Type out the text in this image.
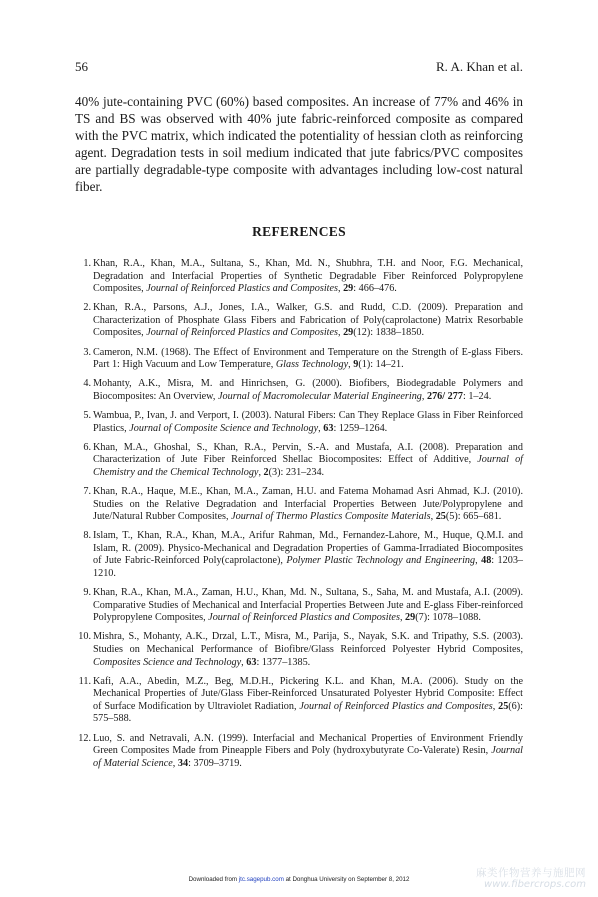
56	R. A. Khan et al.

40% jute-containing PVC (60%) based composites. An increase of 77% and 46% in TS and BS was observed with 40% jute fabric-reinforced composite as compared with the PVC matrix, which indicated the potentiality of hessian cloth as reinforcing agent. Degradation tests in soil medium indicated that jute fabrics/PVC composites are partially degradable-type composite with advantages including low-cost natural fiber.

REFERENCES
1. Khan, R.A., Khan, M.A., Sultana, S., Khan, Md. N., Shubhra, T.H. and Noor, F.G. Mechanical, Degradation and Interfacial Properties of Synthetic Degradable Fiber Reinforced Polypropylene Composites, Journal of Reinforced Plastics and Composites, 29: 466–476.
2. Khan, R.A., Parsons, A.J., Jones, I.A., Walker, G.S. and Rudd, C.D. (2009). Preparation and Characterization of Phosphate Glass Fibers and Fabrication of Poly(caprolactone) Matrix Resorbable Composites, Journal of Reinforced Plastics and Composites, 29(12): 1838–1850.
3. Cameron, N.M. (1968). The Effect of Environment and Temperature on the Strength of E-glass Fibers. Part 1: High Vacuum and Low Temperature, Glass Technology, 9(1): 14–21.
4. Mohanty, A.K., Misra, M. and Hinrichsen, G. (2000). Biofibers, Biodegradable Polymers and Biocomposites: An Overview, Journal of Macromolecular Material Engineering, 276/ 277: 1–24.
5. Wambua, P., Ivan, J. and Verport, I. (2003). Natural Fibers: Can They Replace Glass in Fiber Reinforced Plastics, Journal of Composite Science and Technology, 63: 1259–1264.
6. Khan, M.A., Ghoshal, S., Khan, R.A., Pervin, S.-A. and Mustafa, A.I. (2008). Preparation and Characterization of Jute Fiber Reinforced Shellac Biocomposites: Effect of Additive, Journal of Chemistry and the Chemical Technology, 2(3): 231–234.
7. Khan, R.A., Haque, M.E., Khan, M.A., Zaman, H.U. and Fatema Mohamad Asri Ahmad, K.J. (2010). Studies on the Relative Degradation and Interfacial Properties Between Jute/Polypropylene and Jute/Natural Rubber Composites, Journal of Thermo Plastics Composite Materials, 25(5): 665–681.
8. Islam, T., Khan, R.A., Khan, M.A., Arifur Rahman, Md., Fernandez-Lahore, M., Huque, Q.M.I. and Islam, R. (2009). Physico-Mechanical and Degradation Properties of Gamma-Irradiated Biocomposites of Jute Fabric-Reinforced Poly(caprolactone), Polymer Plastic Technology and Engineering, 48: 1203–1210.
9. Khan, R.A., Khan, M.A., Zaman, H.U., Khan, Md. N., Sultana, S., Saha, M. and Mustafa, A.I. (2009). Comparative Studies of Mechanical and Interfacial Properties Between Jute and E-glass Fiber-reinforced Polypropylene Composites, Journal of Reinforced Plastics and Composites, 29(7): 1078–1088.
10. Mishra, S., Mohanty, A.K., Drzal, L.T., Misra, M., Parija, S., Nayak, S.K. and Tripathy, S.S. (2003). Studies on Mechanical Performance of Biofibre/Glass Reinforced Polyester Hybrid Composites, Composites Science and Technology, 63: 1377–1385.
11. Kafi, A.A., Abedin, M.Z., Beg, M.D.H., Pickering K.L. and Khan, M.A. (2006). Study on the Mechanical Properties of Jute/Glass Fiber-Reinforced Unsaturated Polyester Hybrid Composite: Effect of Surface Modification by Ultraviolet Radiation, Journal of Reinforced Plastics and Composites, 25(6): 575–588.
12. Luo, S. and Netravali, A.N. (1999). Interfacial and Mechanical Properties of Environment Friendly Green Composites Made from Pineapple Fibers and Poly (hydroxybutyrate Co-Valerate) Resin, Journal of Material Science, 34: 3709–3719.
Downloaded from jtc.sagepub.com at Donghua University on September 8, 2012
麻类作物营养与施肥网
www.fibercrops.com
